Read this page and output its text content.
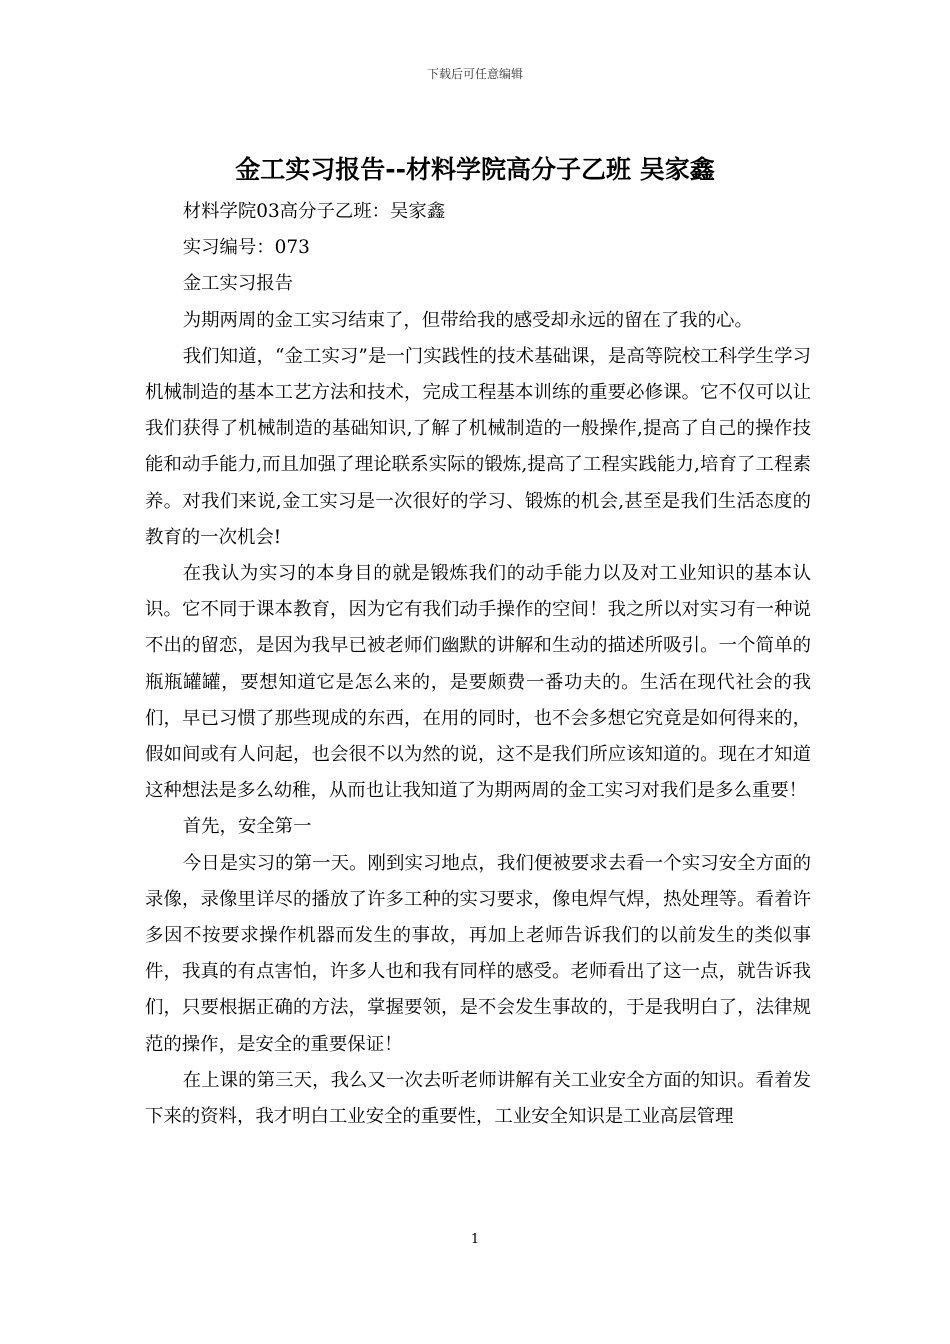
下载后可任意编辑
金工实习报告--材料学院高分子乙班 吴家鑫

材料学院03高分子乙班：吴家鑫

实习编号：073

金工实习报告

为期两周的金工实习结束了，但带给我的感受却永远的留在了我的心。

我们知道，“金工实习”是一门实践性的技术基础课，是高等院校工科学生学习机械制造的基本工艺方法和技术，完成工程基本训练的重要必修课。它不仅可以让我们获得了机械制造的基础知识,了解了机械制造的一般操作,提高了自己的操作技能和动手能力,而且加强了理论联系实际的锻炼,提高了工程实践能力,培育了工程素养。对我们来说,金工实习是一次很好的学习、锻炼的机会,甚至是我们生活态度的教育的一次机会!

在我认为实习的本身目的就是锻炼我们的动手能力以及对工业知识的基本认识。它不同于课本教育，因为它有我们动手操作的空间！我之所以对实习有一种说不出的留恋，是因为我早已被老师们幽默的讲解和生动的描述所吸引。一个简单的瓶瓶罐罐，要想知道它是怎么来的，是要颇费一番功夫的。生活在现代社会的我们，早已习惯了那些现成的东西，在用的同时，也不会多想它究竟是如何得来的，假如间或有人问起，也会很不以为然的说，这不是我们所应该知道的。现在才知道这种想法是多么幼稚，从而也让我知道了为期两周的金工实习对我们是多么重要！

首先，安全第一

今日是实习的第一天。刚到实习地点，我们便被要求去看一个实习安全方面的录像，录像里详尽的播放了许多工种的实习要求，像电焊气焊，热处理等。看着许多因不按要求操作机器而发生的事故，再加上老师告诉我们的以前发生的类似事件，我真的有点害怕，许多人也和我有同样的感受。老师看出了这一点，就告诉我们，只要根据正确的方法，掌握要领，是不会发生事故的，于是我明白了，法律规范的操作，是安全的重要保证！

在上课的第三天，我么又一次去听老师讲解有关工业安全方面的知识。看着发下来的资料，我才明白工业安全的重要性，工业安全知识是工业高层管理

1
